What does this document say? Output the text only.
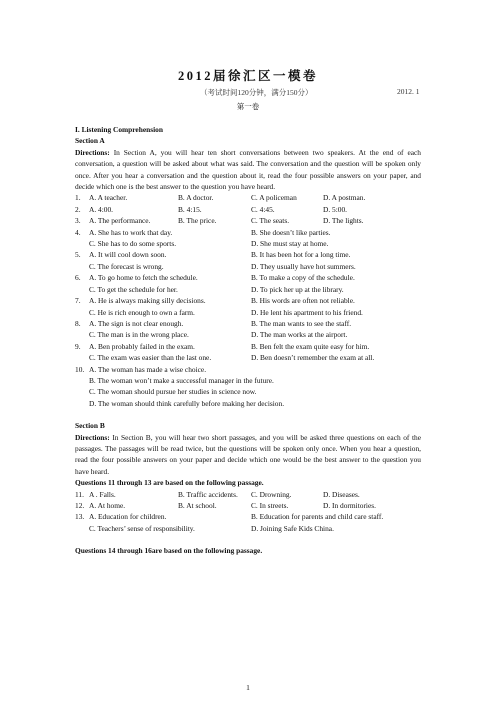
2012届徐汇区一模卷
（考试时间120分钟，满分150分）	2012. 1
第一卷
I. Listening Comprehension
Section A
Directions: In Section A, you will hear ten short conversations between two speakers. At the end of each conversation, a question will be asked about what was said. The conversation and the question will be spoken only once. After you hear a conversation and the question about it, read the four possible answers on your paper, and decide which one is the best answer to the question you have heard.
1.	A. A teacher.	B. A doctor.	C. A policeman	D. A postman.
2.	A. 4:00.	B. 4:15.	C. 4:45.	D. 5:00.
3.	A. The performance.	B. The price.	C. The seats.	D. The lights.
4.	A. She has to work that day.	B. She doesn’t like parties.
C. She has to do some sports.	D. She must stay at home.
5.	A. It will cool down soon.	B. It has been hot for a long time.
C. The forecast is wrong.	D. They usually have hot summers.
6.	A. To go home to fetch the schedule.	B. To make a copy of the schedule.
C. To get the schedule for her.	D. To pick her up at the library.
7.	A. He is always making silly decisions.	B. His words are often not reliable.
C. He is rich enough to own a farm.	D. He lent his apartment to his friend.
8.	A. The sign is not clear enough.	B. The man wants to see the staff.
C. The man is in the wrong place.	D. The man works at the airport.
9.	A. Ben probably failed in the exam.	B. Ben felt the exam quite easy for him.
C. The exam was easier than the last one.	D. Ben doesn’t remember the exam at all.
10. A. The woman has made a wise choice.
B. The woman won’t make a successful manager in the future.
C. The woman should pursue her studies in science now.
D. The woman should think carefully before making her decision.
Section B
Directions: In Section B, you will hear two short passages, and you will be asked three questions on each of the passages. The passages will be read twice, but the questions will be spoken only once. When you hear a question, read the four possible answers on your paper and decide which one would be the best answer to the question you have heard.
Questions 11 through 13 are based on the following passage.
11. A . Falls.	B. Traffic accidents.	C. Drowning.	D. Diseases.
12. A. At home.	B. At school.	C. In streets.	D. In dormitories.
13. A. Education for children.	B. Education for parents and child care staff.
C. Teachers’ sense of responsibility.	D. Joining Safe Kids China.
Questions 14 through 16are based on the following passage.
1
